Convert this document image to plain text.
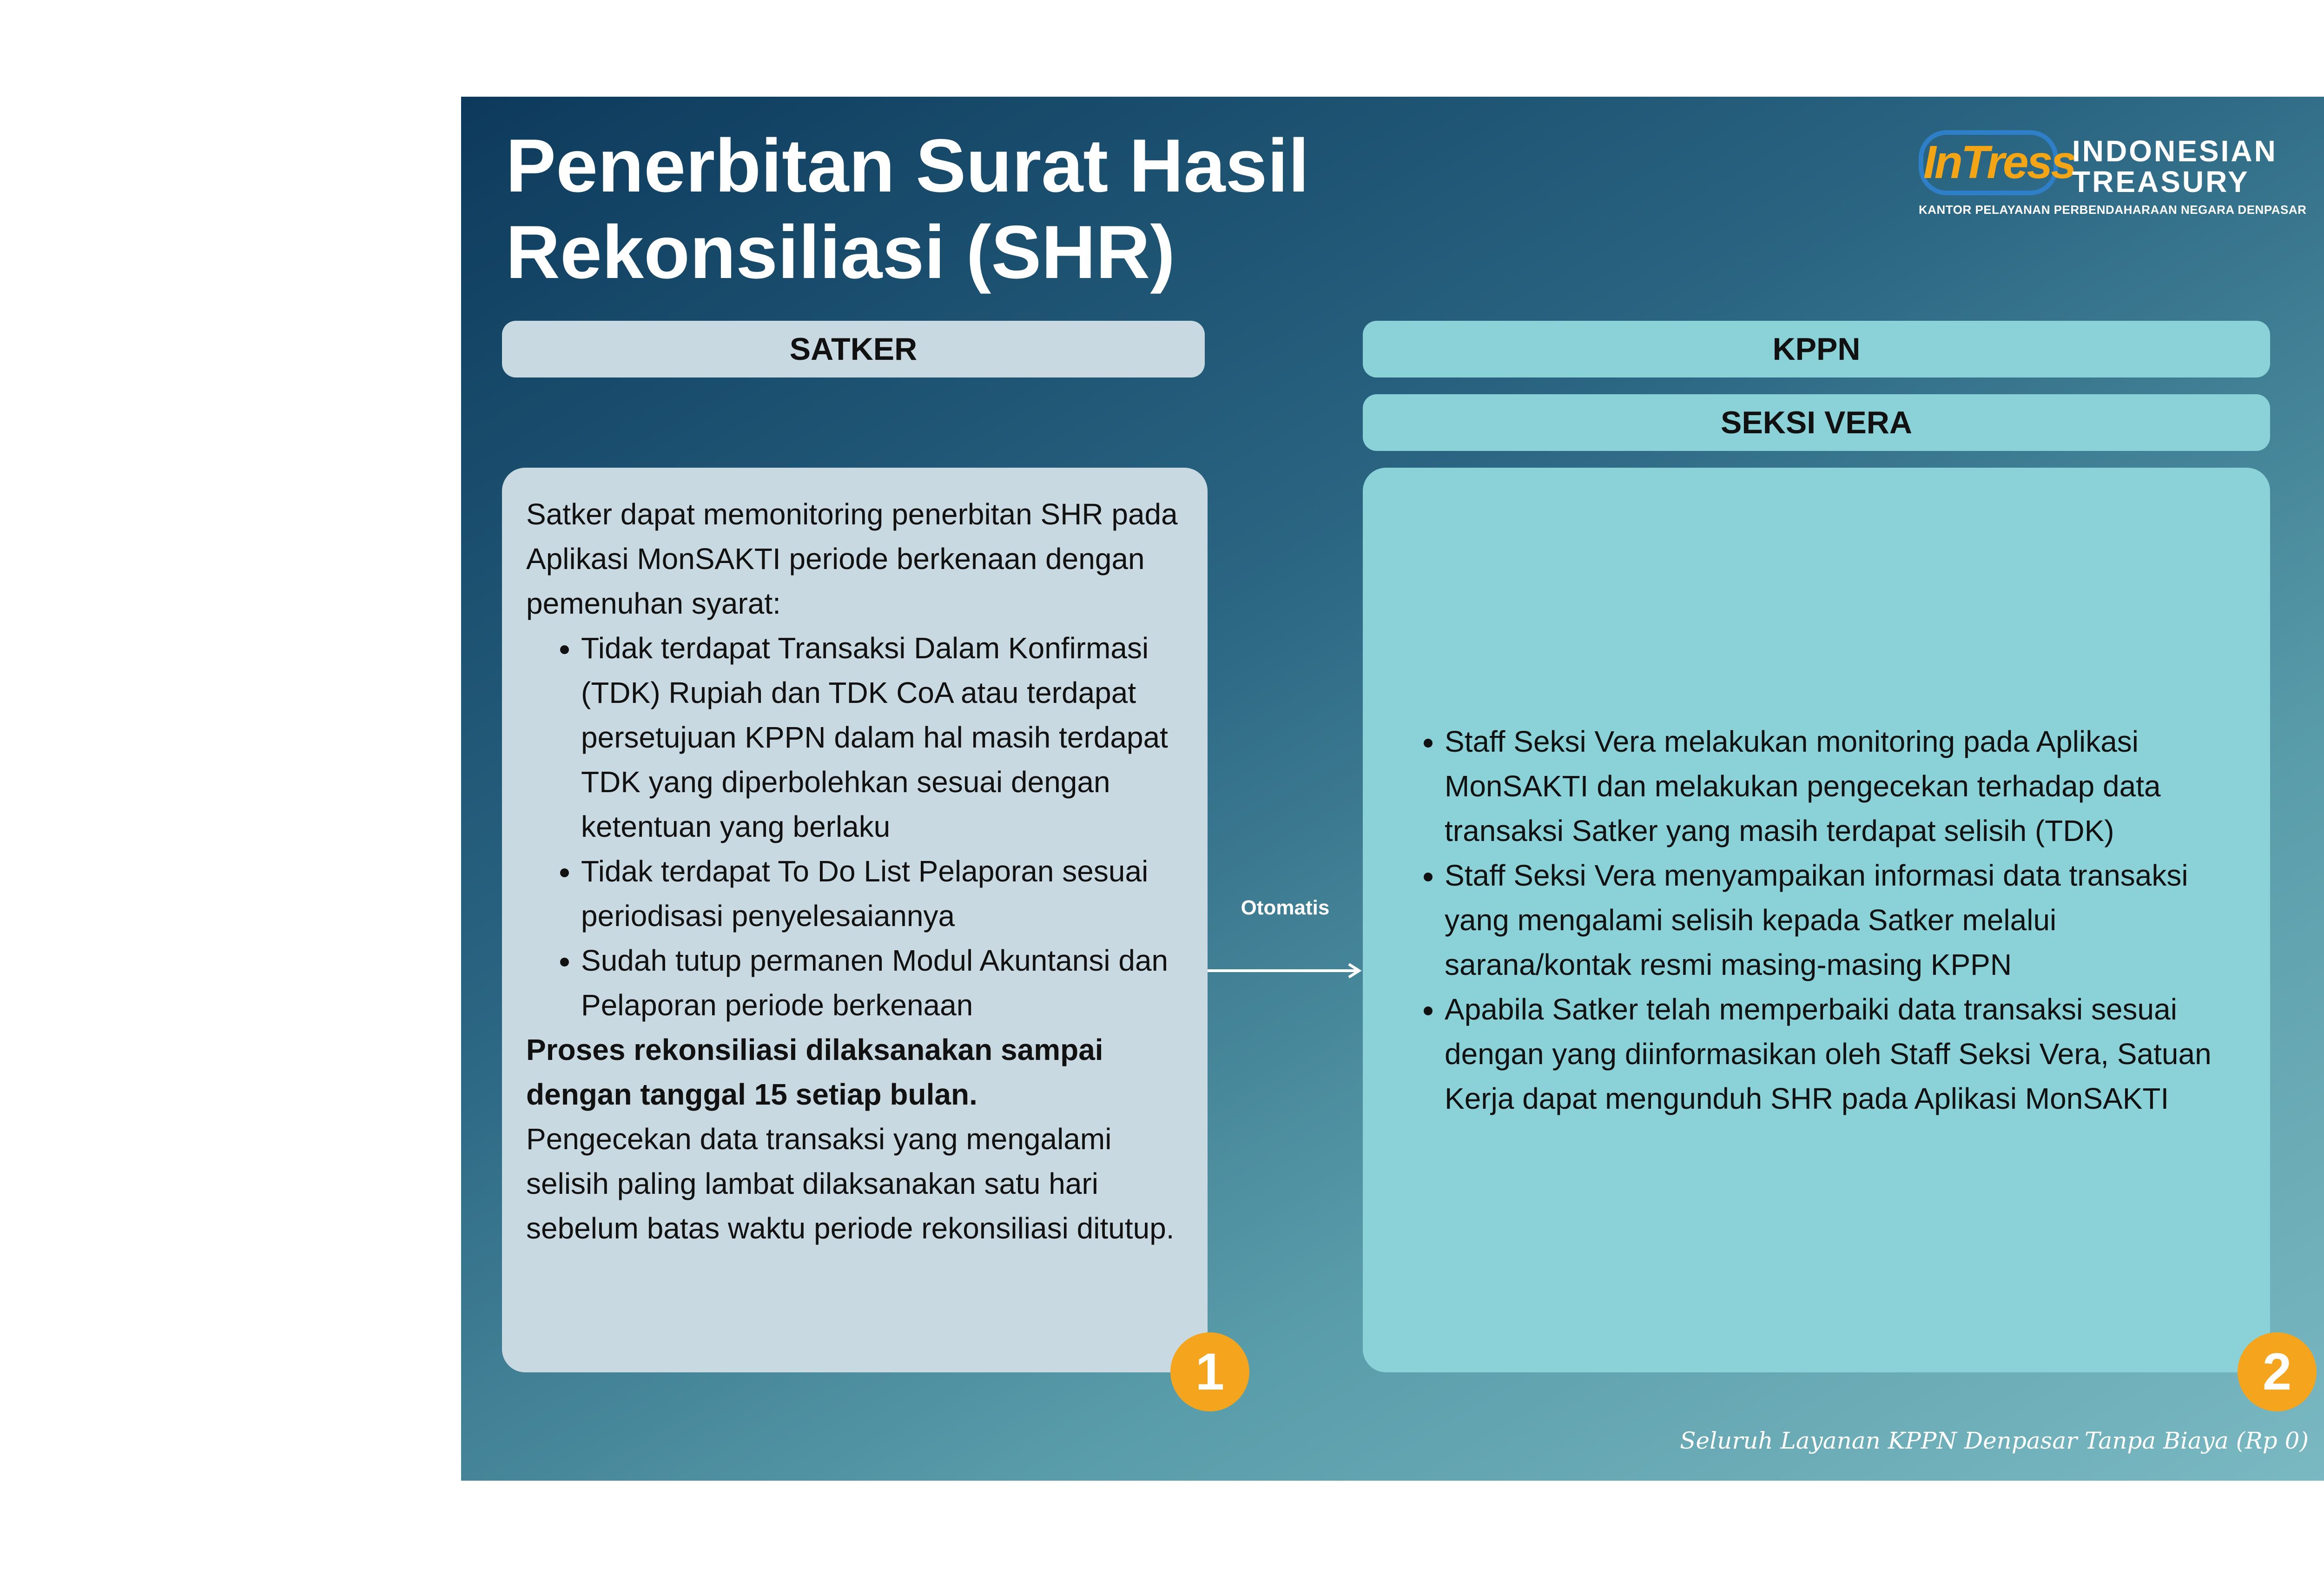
Penerbitan Surat Hasil
Rekonsiliasi (SHR)
InTress
INDONESIAN
TREASURY
KANTOR PELAYANAN PERBENDAHARAAN NEGARA DENPASAR
SATKER	KPPN
SEKSI VERA

Satker dapat memonitoring penerbitan SHR pada Aplikasi MonSAKTI periode berkenaan dengan pemenuhan syarat:

• Tidak terdapat Transaksi Dalam Konfirmasi (TDK) Rupiah dan TDK CoA atau terdapat persetujuan KPPN dalam hal masih terdapat TDK yang diperbolehkan sesuai dengan ketentuan yang berlaku
• Tidak terdapat To Do List Pelaporan sesuai periodisasi penyelesaiannya
• Sudah tutup permanen Modul Akuntansi dan Pelaporan periode berkenaan

Proses rekonsiliasi dilaksanakan sampai dengan tanggal 15 setiap bulan.

Pengecekan data transaksi yang mengalami selisih paling lambat dilaksanakan satu hari sebelum batas waktu periode rekonsiliasi ditutup.

Otomatis
• Staff Seksi Vera melakukan monitoring pada Aplikasi MonSAKTI dan melakukan pengecekan terhadap data transaksi Satker yang masih terdapat selisih (TDK)
• Staff Seksi Vera menyampaikan informasi data transaksi yang mengalami selisih kepada Satker melalui sarana/kontak resmi masing-masing KPPN
• Apabila Satker telah memperbaiki data transaksi sesuai dengan yang diinformasikan oleh Staff Seksi Vera, Satuan Kerja dapat mengunduh SHR pada Aplikasi MonSAKTI
1	2
Seluruh Layanan KPPN Denpasar Tanpa Biaya (Rp 0)
